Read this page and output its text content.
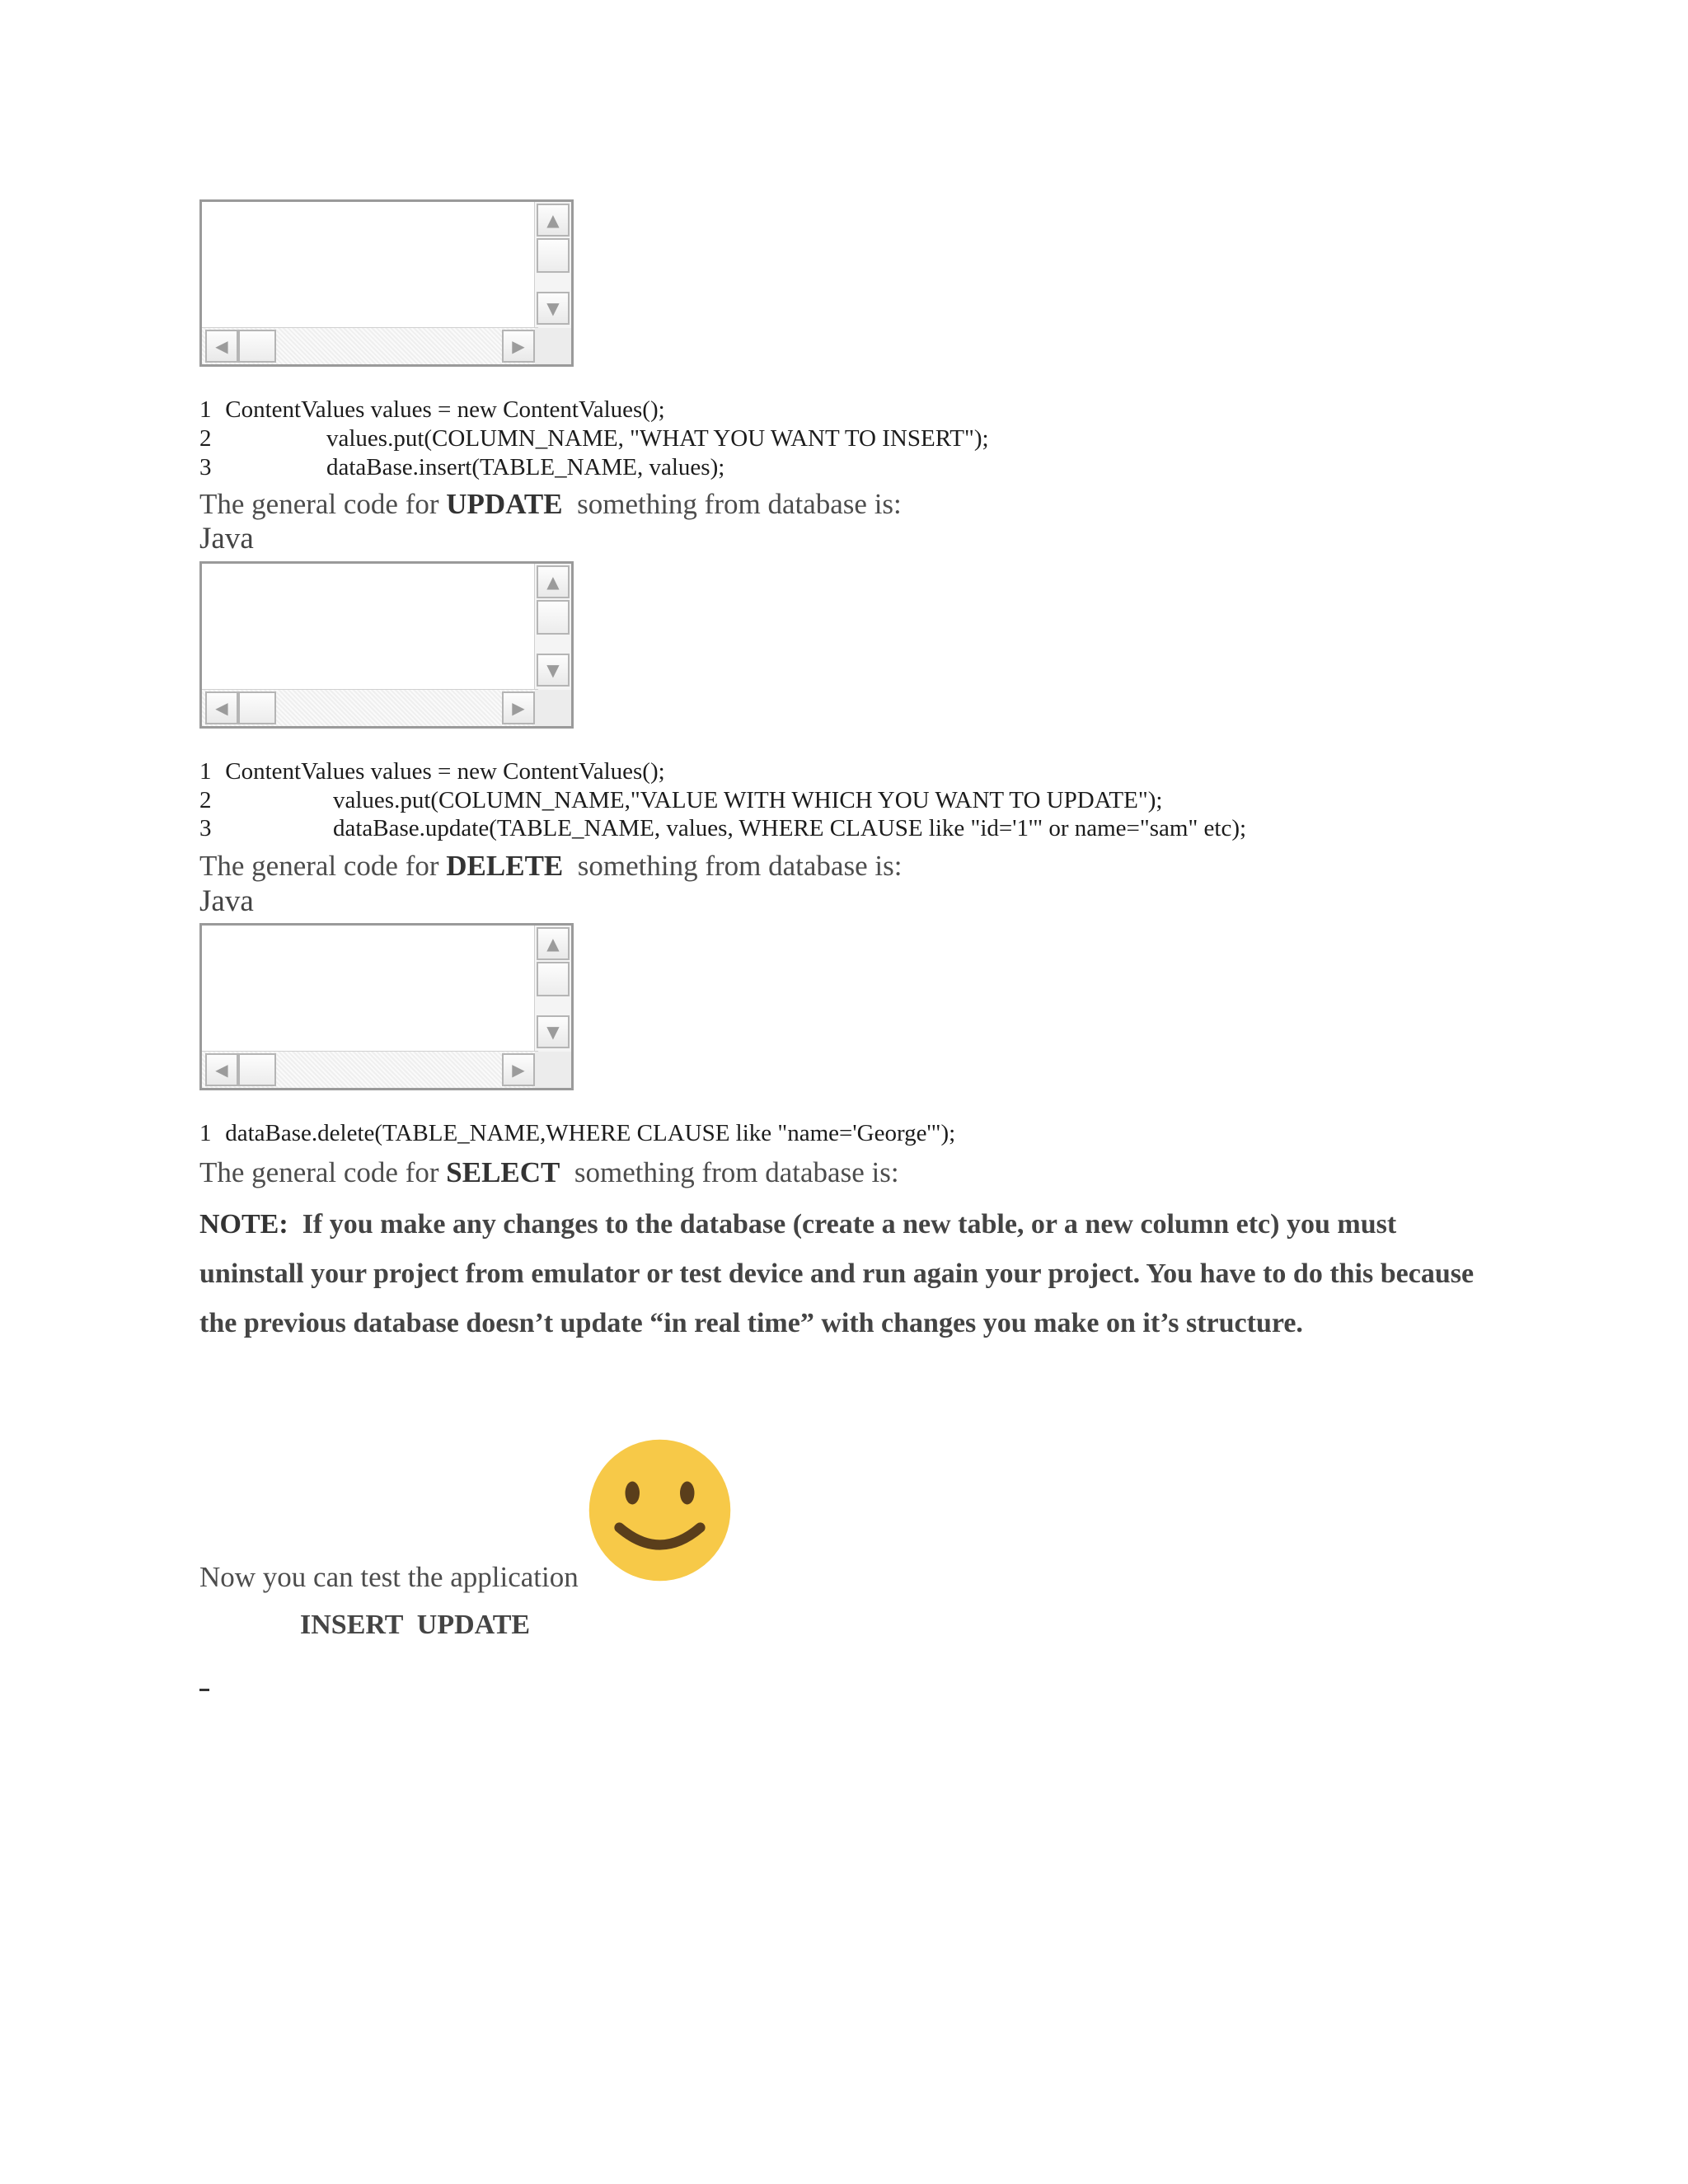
▲
▼
◀	▶
1 ContentValues values = new ContentValues();
2	values.put(COLUMN_NAME, "WHAT YOU WANT TO INSERT");
3	dataBase.insert(TABLE_NAME, values);
The general code for UPDATE  something from database is:
Java
▲
▼
◀	▶
1 ContentValues values = new ContentValues();
2	values.put(COLUMN_NAME,"VALUE WITH WHICH YOU WANT TO UPDATE");
3	dataBase.update(TABLE_NAME, values, WHERE CLAUSE like "id='1'" or name="sam" etc);
The general code for DELETE  something from database is:
Java
▲
▼
◀	▶
1 dataBase.delete(TABLE_NAME,WHERE CLAUSE like "name='George'");
The general code for SELECT  something from database is:
NOTE: If you make any changes to the database (create a new table, or a new column etc) you must uninstall your project from emulator or test device and run again your project. You have to do this because the previous database doesn’t update “in real time” with changes you make on it’s structure.
Now you can test the application
INSERT  UPDATE
